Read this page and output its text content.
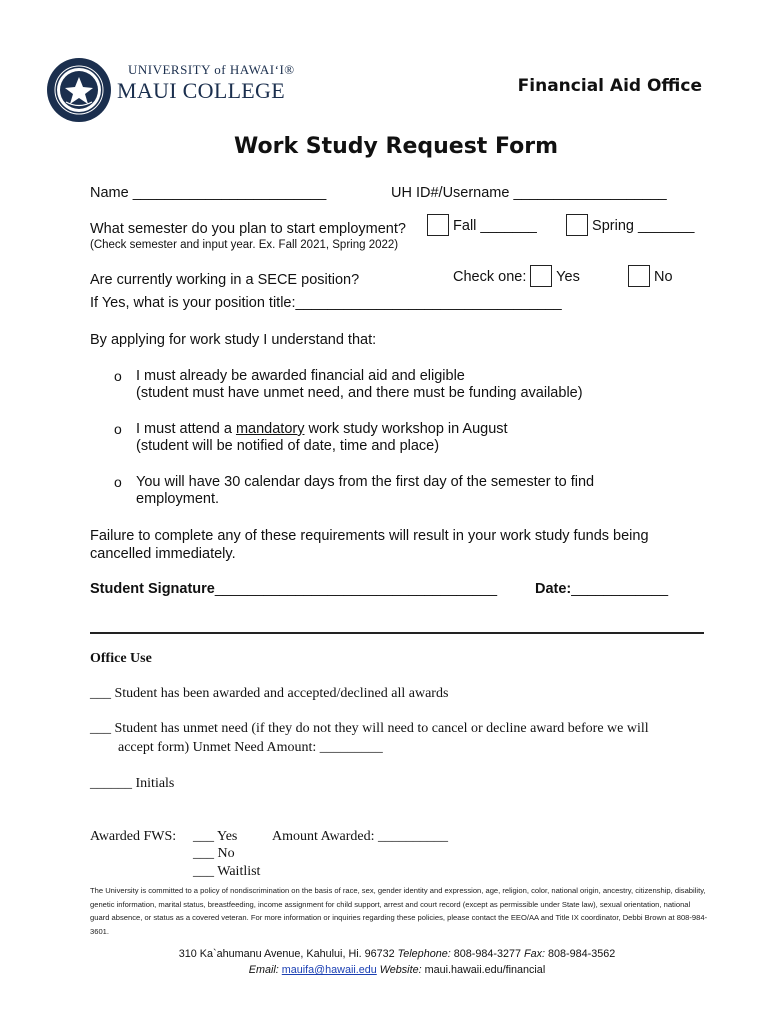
UNIVERSITY of HAWAI‘I®
MAUI COLLEGE	Financial Aid Office
Work Study Request Form
Name ________________________	UH ID#/Username ___________________
What semester do you plan to start employment?	Fall _______	Spring _______
(Check semester and input year. Ex. Fall 2021, Spring 2022)
Are currently working in a SECE position?	Check one: Yes	No
If Yes, what is your position title:_________________________________
By applying for work study I understand that:
o I must already be awarded financial aid and eligible
(student must have unmet need, and there must be funding available)
o I must attend a mandatory work study workshop in August
(student will be notified of date, time and place)
o You will have 30 calendar days from the first day of the semester to find
employment.
Failure to complete any of these requirements will result in your work study funds being
cancelled immediately.
Student Signature___________________________________	Date:____________
Office Use
___ Student has been awarded and accepted/declined all awards
___ Student has unmet need (if they do not they will need to cancel or decline award before we will
accept form) Unmet Need Amount: _________
______ Initials
Awarded FWS: ___ Yes Amount Awarded: __________
___ No
___ Waitlist
The University is committed to a policy of nondiscrimination on the basis of race, sex, gender identity and expression, age, religion, color, national origin, ancestry, citizenship, disability, genetic information, marital status, breastfeeding, income assignment for child support, arrest and court record (except as permissible under State law), sexual orientation, national guard absence, or status as a covered veteran. For more information or inquiries regarding these policies, please contact the EEO/AA and Title IX coordinator, Debbi Brown at 808-984-3601.
310 Ka`ahumanu Avenue, Kahului, Hi. 96732 Telephone: 808-984-3277 Fax: 808-984-3562
Email: mauifa@hawaii.edu Website: maui.hawaii.edu/financial
